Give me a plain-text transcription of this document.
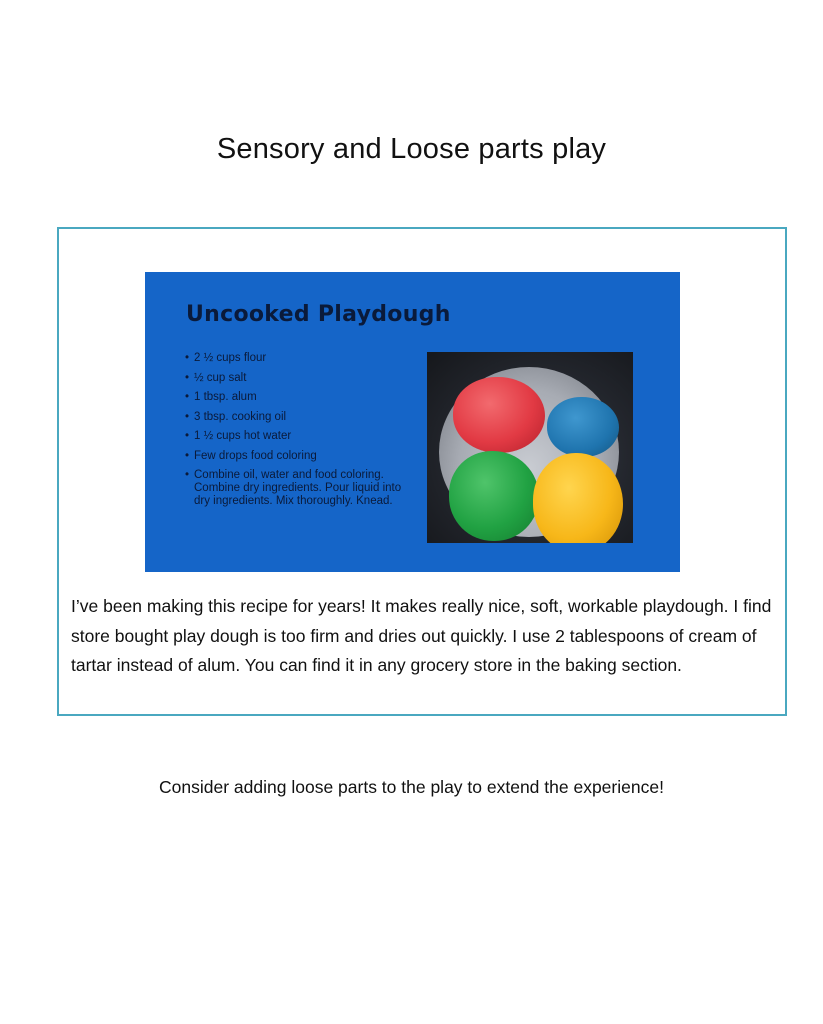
Sensory and Loose parts play
Uncooked Playdough
• 2 ½ cups flour
• ½ cup salt
• 1 tbsp. alum
• 3 tbsp. cooking oil
• 1 ½ cups hot water
• Few drops food coloring
• Combine oil, water and food coloring. Combine dry ingredients. Pour liquid into dry ingredients. Mix thoroughly. Knead.

I’ve been making this recipe for years! It makes really nice, soft, workable playdough. I find store bought play dough is too firm and dries out quickly. I use 2 tablespoons of cream of tartar instead of alum. You can find it in any grocery store in the baking section.

Consider adding loose parts to the play to extend the experience!
